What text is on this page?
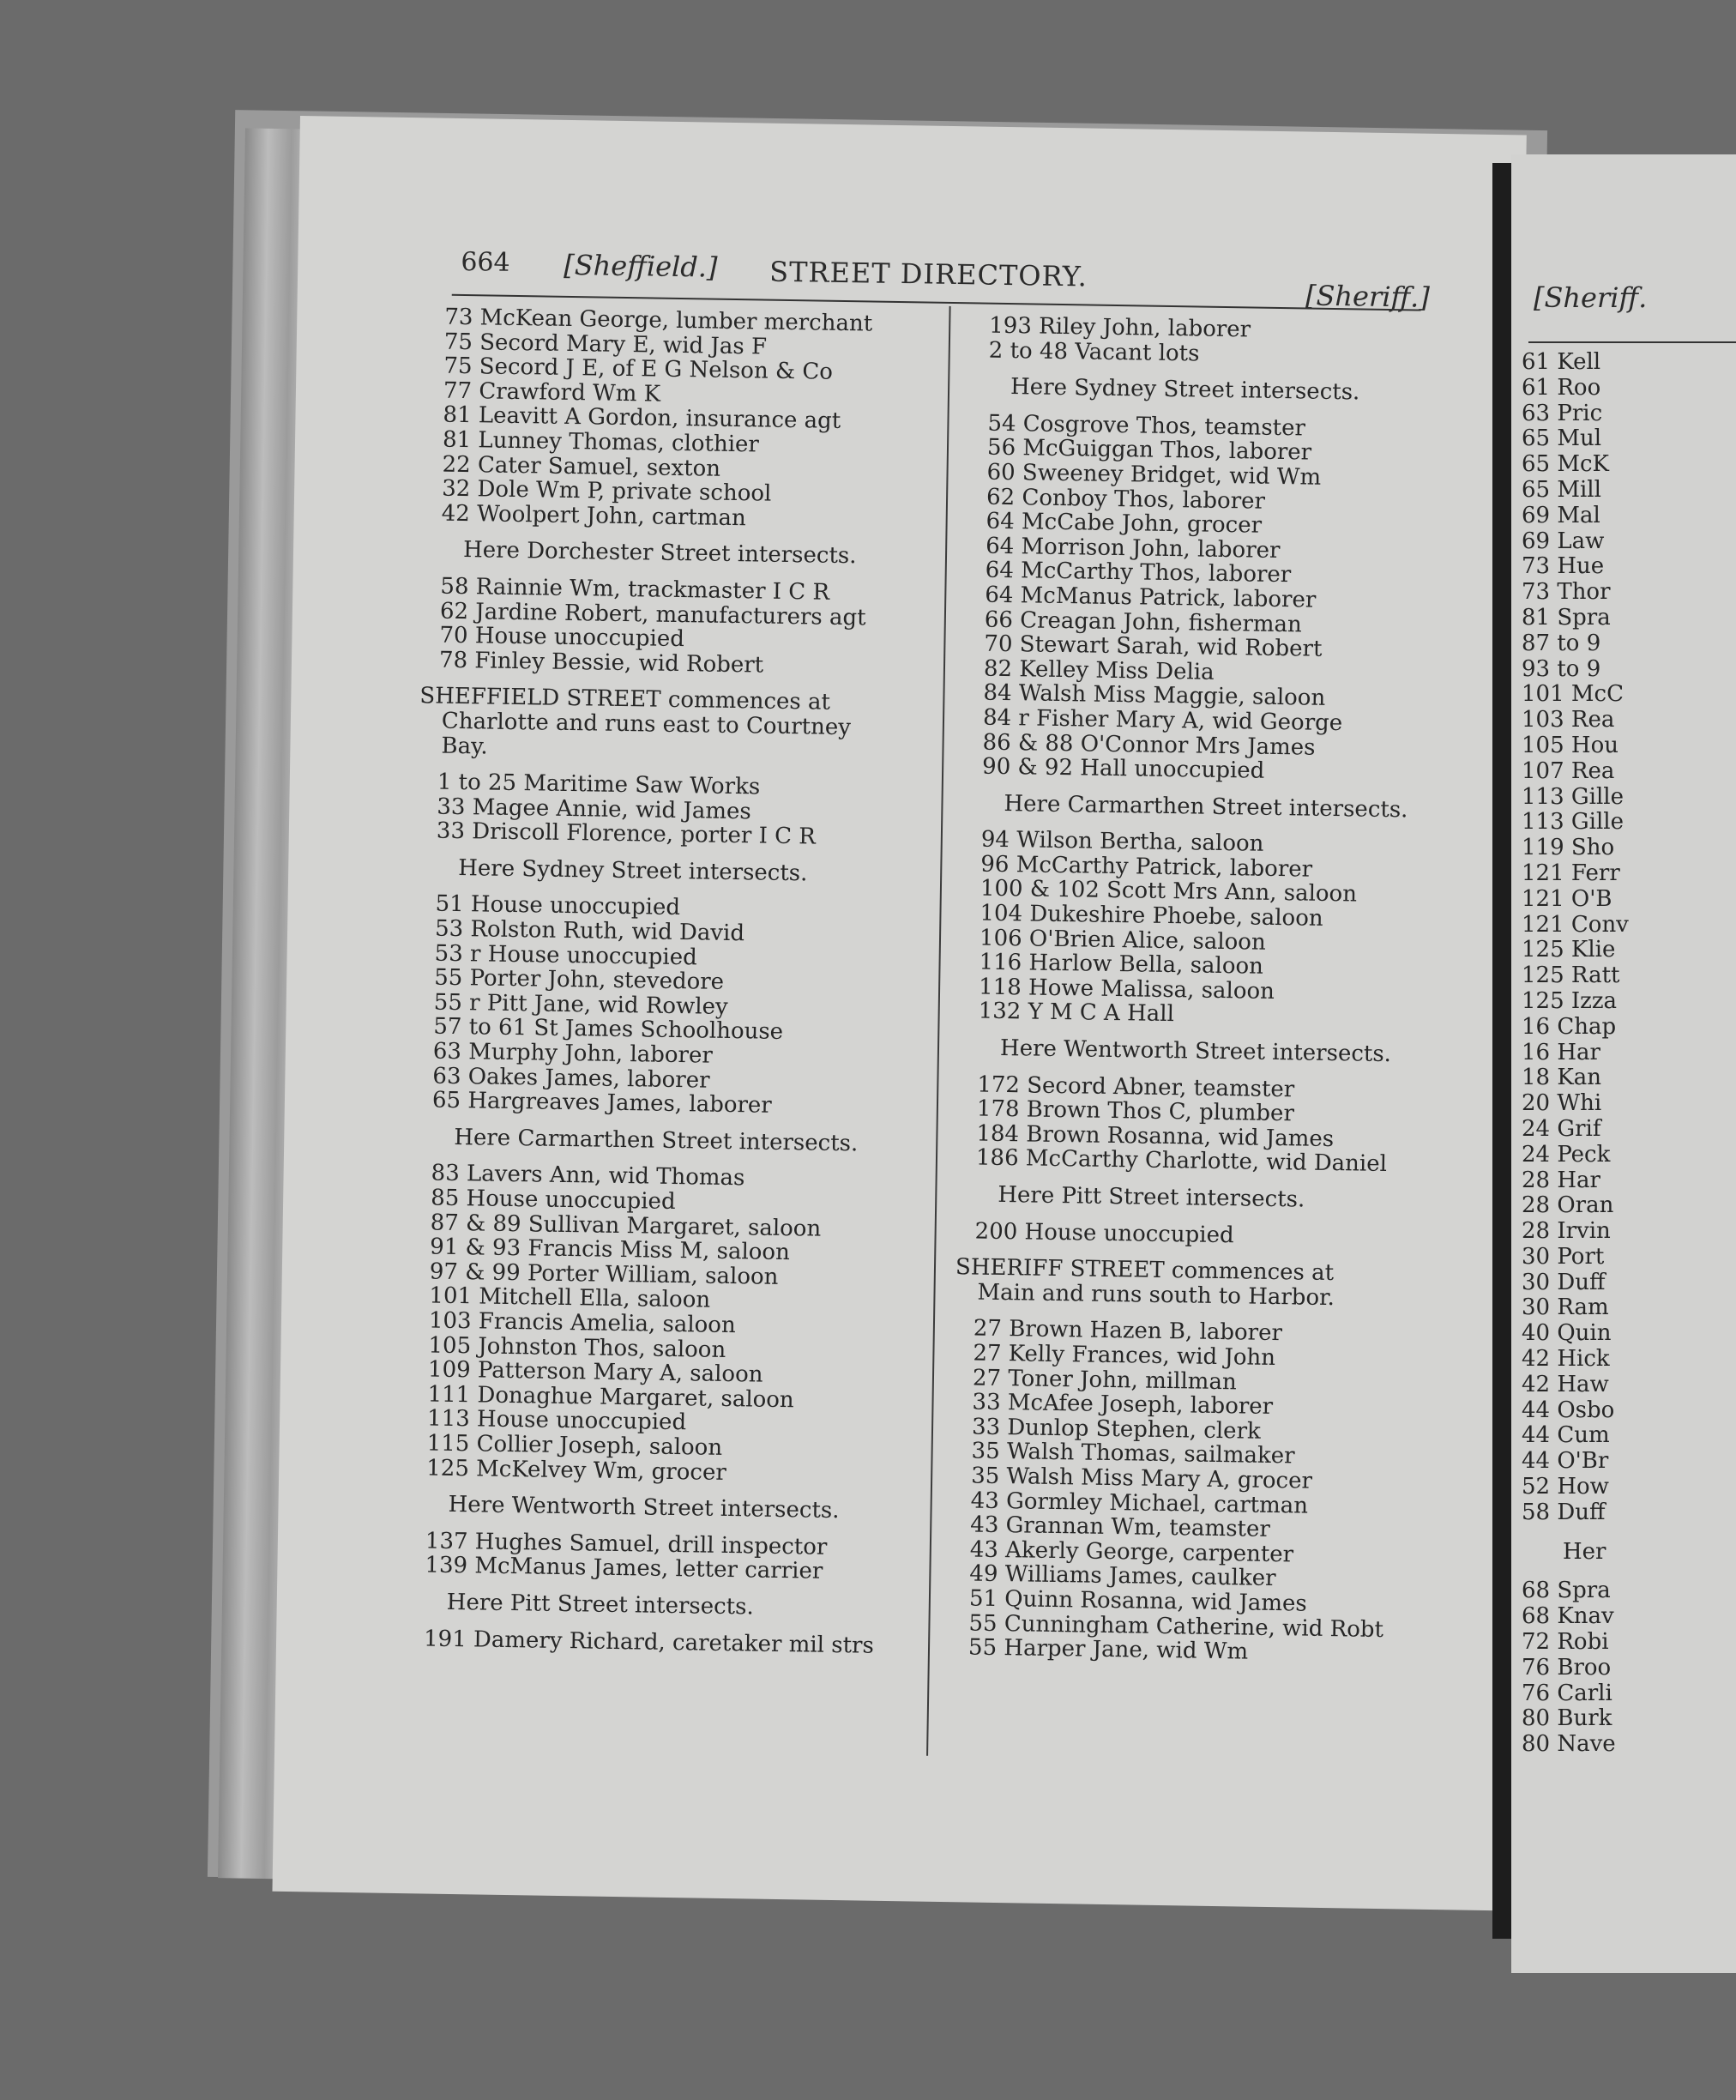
664 [Sheffield.] STREET DIRECTORY.
[Sheriff.]
73 McKean George, lumber merchant
75 Secord Mary E, wid Jas F
75 Secord J E, of E G Nelson & Co
77 Crawford Wm K
81 Leavitt A Gordon, insurance agt
81 Lunney Thomas, clothier
22 Cater Samuel, sexton
32 Dole Wm P, private school
42 Woolpert John, cartman
Here Dorchester Street intersects.
58 Rainnie Wm, trackmaster I C R
62 Jardine Robert, manufacturers agt
70 House unoccupied
78 Finley Bessie, wid Robert
SHEFFIELD STREET commences at
Charlotte and runs east to Courtney
Bay.
1 to 25 Maritime Saw Works
33 Magee Annie, wid James
33 Driscoll Florence, porter I C R
Here Sydney Street intersects.
51 House unoccupied
53 Rolston Ruth, wid David
53 r House unoccupied
55 Porter John, stevedore
55 r Pitt Jane, wid Rowley
57 to 61 St James Schoolhouse
63 Murphy John, laborer
63 Oakes James, laborer
65 Hargreaves James, laborer
Here Carmarthen Street intersects.
83 Lavers Ann, wid Thomas
85 House unoccupied
87 & 89 Sullivan Margaret, saloon
91 & 93 Francis Miss M, saloon
97 & 99 Porter William, saloon
101 Mitchell Ella, saloon
103 Francis Amelia, saloon
105 Johnston Thos, saloon
109 Patterson Mary A, saloon
111 Donaghue Margaret, saloon
113 House unoccupied
115 Collier Joseph, saloon
125 McKelvey Wm, grocer
Here Wentworth Street intersects.
137 Hughes Samuel, drill inspector
139 McManus James, letter carrier
Here Pitt Street intersects.
191 Damery Richard, caretaker mil strs
193 Riley John, laborer
2 to 48 Vacant lots
Here Sydney Street intersects.
54 Cosgrove Thos, teamster
56 McGuiggan Thos, laborer
60 Sweeney Bridget, wid Wm
62 Conboy Thos, laborer
64 McCabe John, grocer
64 Morrison John, laborer
64 McCarthy Thos, laborer
64 McManus Patrick, laborer
66 Creagan John, fisherman
70 Stewart Sarah, wid Robert
82 Kelley Miss Delia
84 Walsh Miss Maggie, saloon
84 r Fisher Mary A, wid George
86 & 88 O'Connor Mrs James
90 & 92 Hall unoccupied
Here Carmarthen Street intersects.
94 Wilson Bertha, saloon
96 McCarthy Patrick, laborer
100 & 102 Scott Mrs Ann, saloon
104 Dukeshire Phoebe, saloon
106 O'Brien Alice, saloon
116 Harlow Bella, saloon
118 Howe Malissa, saloon
132 Y M C A Hall
Here Wentworth Street intersects.
172 Secord Abner, teamster
178 Brown Thos C, plumber
184 Brown Rosanna, wid James
186 McCarthy Charlotte, wid Daniel
Here Pitt Street intersects.
200 House unoccupied
SHERIFF STREET commences at
Main and runs south to Harbor.
27 Brown Hazen B, laborer
27 Kelly Frances, wid John
27 Toner John, millman
33 McAfee Joseph, laborer
33 Dunlop Stephen, clerk
35 Walsh Thomas, sailmaker
35 Walsh Miss Mary A, grocer
43 Gormley Michael, cartman
43 Grannan Wm, teamster
43 Akerly George, carpenter
49 Williams James, caulker
51 Quinn Rosanna, wid James
55 Cunningham Catherine, wid Robt
55 Harper Jane, wid Wm
[Sheriff.
61 Kell
61 Roo
63 Pric
65 Mul
65 McK
65 Mill
69 Mal
69 Law
73 Hue
73 Thor
81 Spra
87 to 9
93 to 9
101 McC
103 Rea
105 Hou
107 Rea
113 Gille
113 Gille
119 Sho
121 Ferr
121 O'B
121 Conv
125 Klie
125 Ratt
125 Izza
16 Chap
16 Har
18 Kan
20 Whi
24 Grif
24 Peck
28 Har
28 Oran
28 Irvin
30 Port
30 Duff
30 Ram
40 Quin
42 Hick
42 Haw
44 Osbo
44 Cum
44 O'Br
52 How
58 Duff
Her
68 Spra
68 Knav
72 Robi
76 Broo
76 Carli
80 Burk
80 Nave
